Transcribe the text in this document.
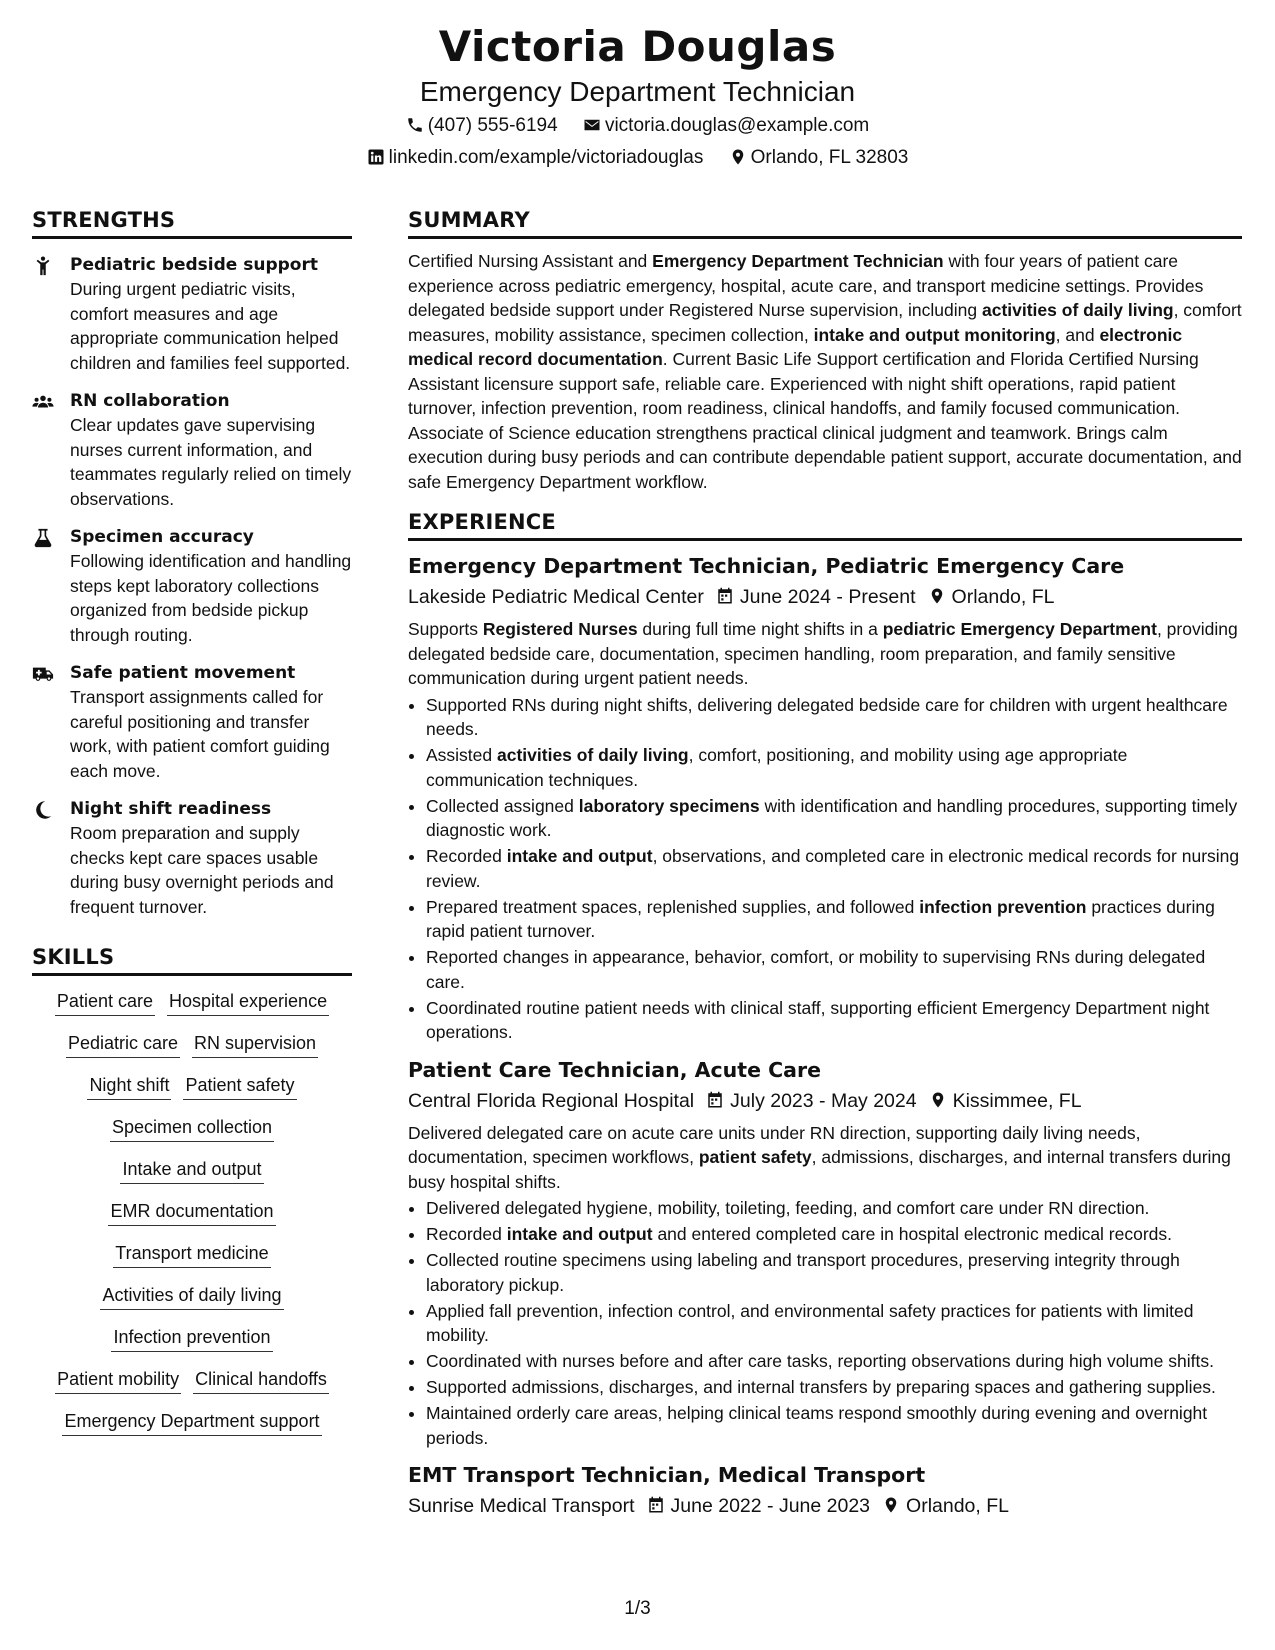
Victoria Douglas
Emergency Department Technician
(407) 555-6194 victoria.douglas@example.com
linkedin.com/example/victoriadouglas Orlando, FL 32803
STRENGTHS
Pediatric bedside support
During urgent pediatric visits, comfort measures and age appropriate communication helped children and families feel supported.
RN collaboration
Clear updates gave supervising nurses current information, and teammates regularly relied on timely observations.
Specimen accuracy
Following identification and handling steps kept laboratory collections organized from bedside pickup through routing.
Safe patient movement
Transport assignments called for careful positioning and transfer work, with patient comfort guiding each move.
Night shift readiness
Room preparation and supply checks kept care spaces usable during busy overnight periods and frequent turnover.
SKILLS
Patient care Hospital experience
Pediatric care RN supervision
Night shift Patient safety
Specimen collection
Intake and output
EMR documentation
Transport medicine
Activities of daily living
Infection prevention
Patient mobility Clinical handoffs
Emergency Department support
SUMMARY

Certified Nursing Assistant and Emergency Department Technician with four years of patient care experience across pediatric emergency, hospital, acute care, and transport medicine settings. Provides delegated bedside support under Registered Nurse supervision, including activities of daily living, comfort measures, mobility assistance, specimen collection, intake and output monitoring, and electronic medical record documentation. Current Basic Life Support certification and Florida Certified Nursing Assistant licensure support safe, reliable care. Experienced with night shift operations, rapid patient turnover, infection prevention, room readiness, clinical handoffs, and family focused communication. Associate of Science education strengthens practical clinical judgment and teamwork. Brings calm execution during busy periods and can contribute dependable patient support, accurate documentation, and safe Emergency Department workflow.

EXPERIENCE
Emergency Department Technician, Pediatric Emergency Care
Lakeside Pediatric Medical Center June 2024 - Present Orlando, FL

Supports Registered Nurses during full time night shifts in a pediatric Emergency Department, providing delegated bedside care, documentation, specimen handling, room preparation, and family sensitive communication during urgent patient needs.

• Supported RNs during night shifts, delivering delegated bedside care for children with urgent healthcare needs.
• Assisted activities of daily living, comfort, positioning, and mobility using age appropriate communication techniques.
• Collected assigned laboratory specimens with identification and handling procedures, supporting timely diagnostic work.
• Recorded intake and output, observations, and completed care in electronic medical records for nursing review.
• Prepared treatment spaces, replenished supplies, and followed infection prevention practices during rapid patient turnover.
• Reported changes in appearance, behavior, comfort, or mobility to supervising RNs during delegated care.
• Coordinated routine patient needs with clinical staff, supporting efficient Emergency Department night operations.
Patient Care Technician, Acute Care
Central Florida Regional Hospital July 2023 - May 2024 Kissimmee, FL

Delivered delegated care on acute care units under RN direction, supporting daily living needs, documentation, specimen workflows, patient safety, admissions, discharges, and internal transfers during busy hospital shifts.

• Delivered delegated hygiene, mobility, toileting, feeding, and comfort care under RN direction.
• Recorded intake and output and entered completed care in hospital electronic medical records.
• Collected routine specimens using labeling and transport procedures, preserving integrity through laboratory pickup.
• Applied fall prevention, infection control, and environmental safety practices for patients with limited mobility.
• Coordinated with nurses before and after care tasks, reporting observations during high volume shifts.
• Supported admissions, discharges, and internal transfers by preparing spaces and gathering supplies.
• Maintained orderly care areas, helping clinical teams respond smoothly during evening and overnight periods.
EMT Transport Technician, Medical Transport
Sunrise Medical Transport June 2022 - June 2023 Orlando, FL
1/3
